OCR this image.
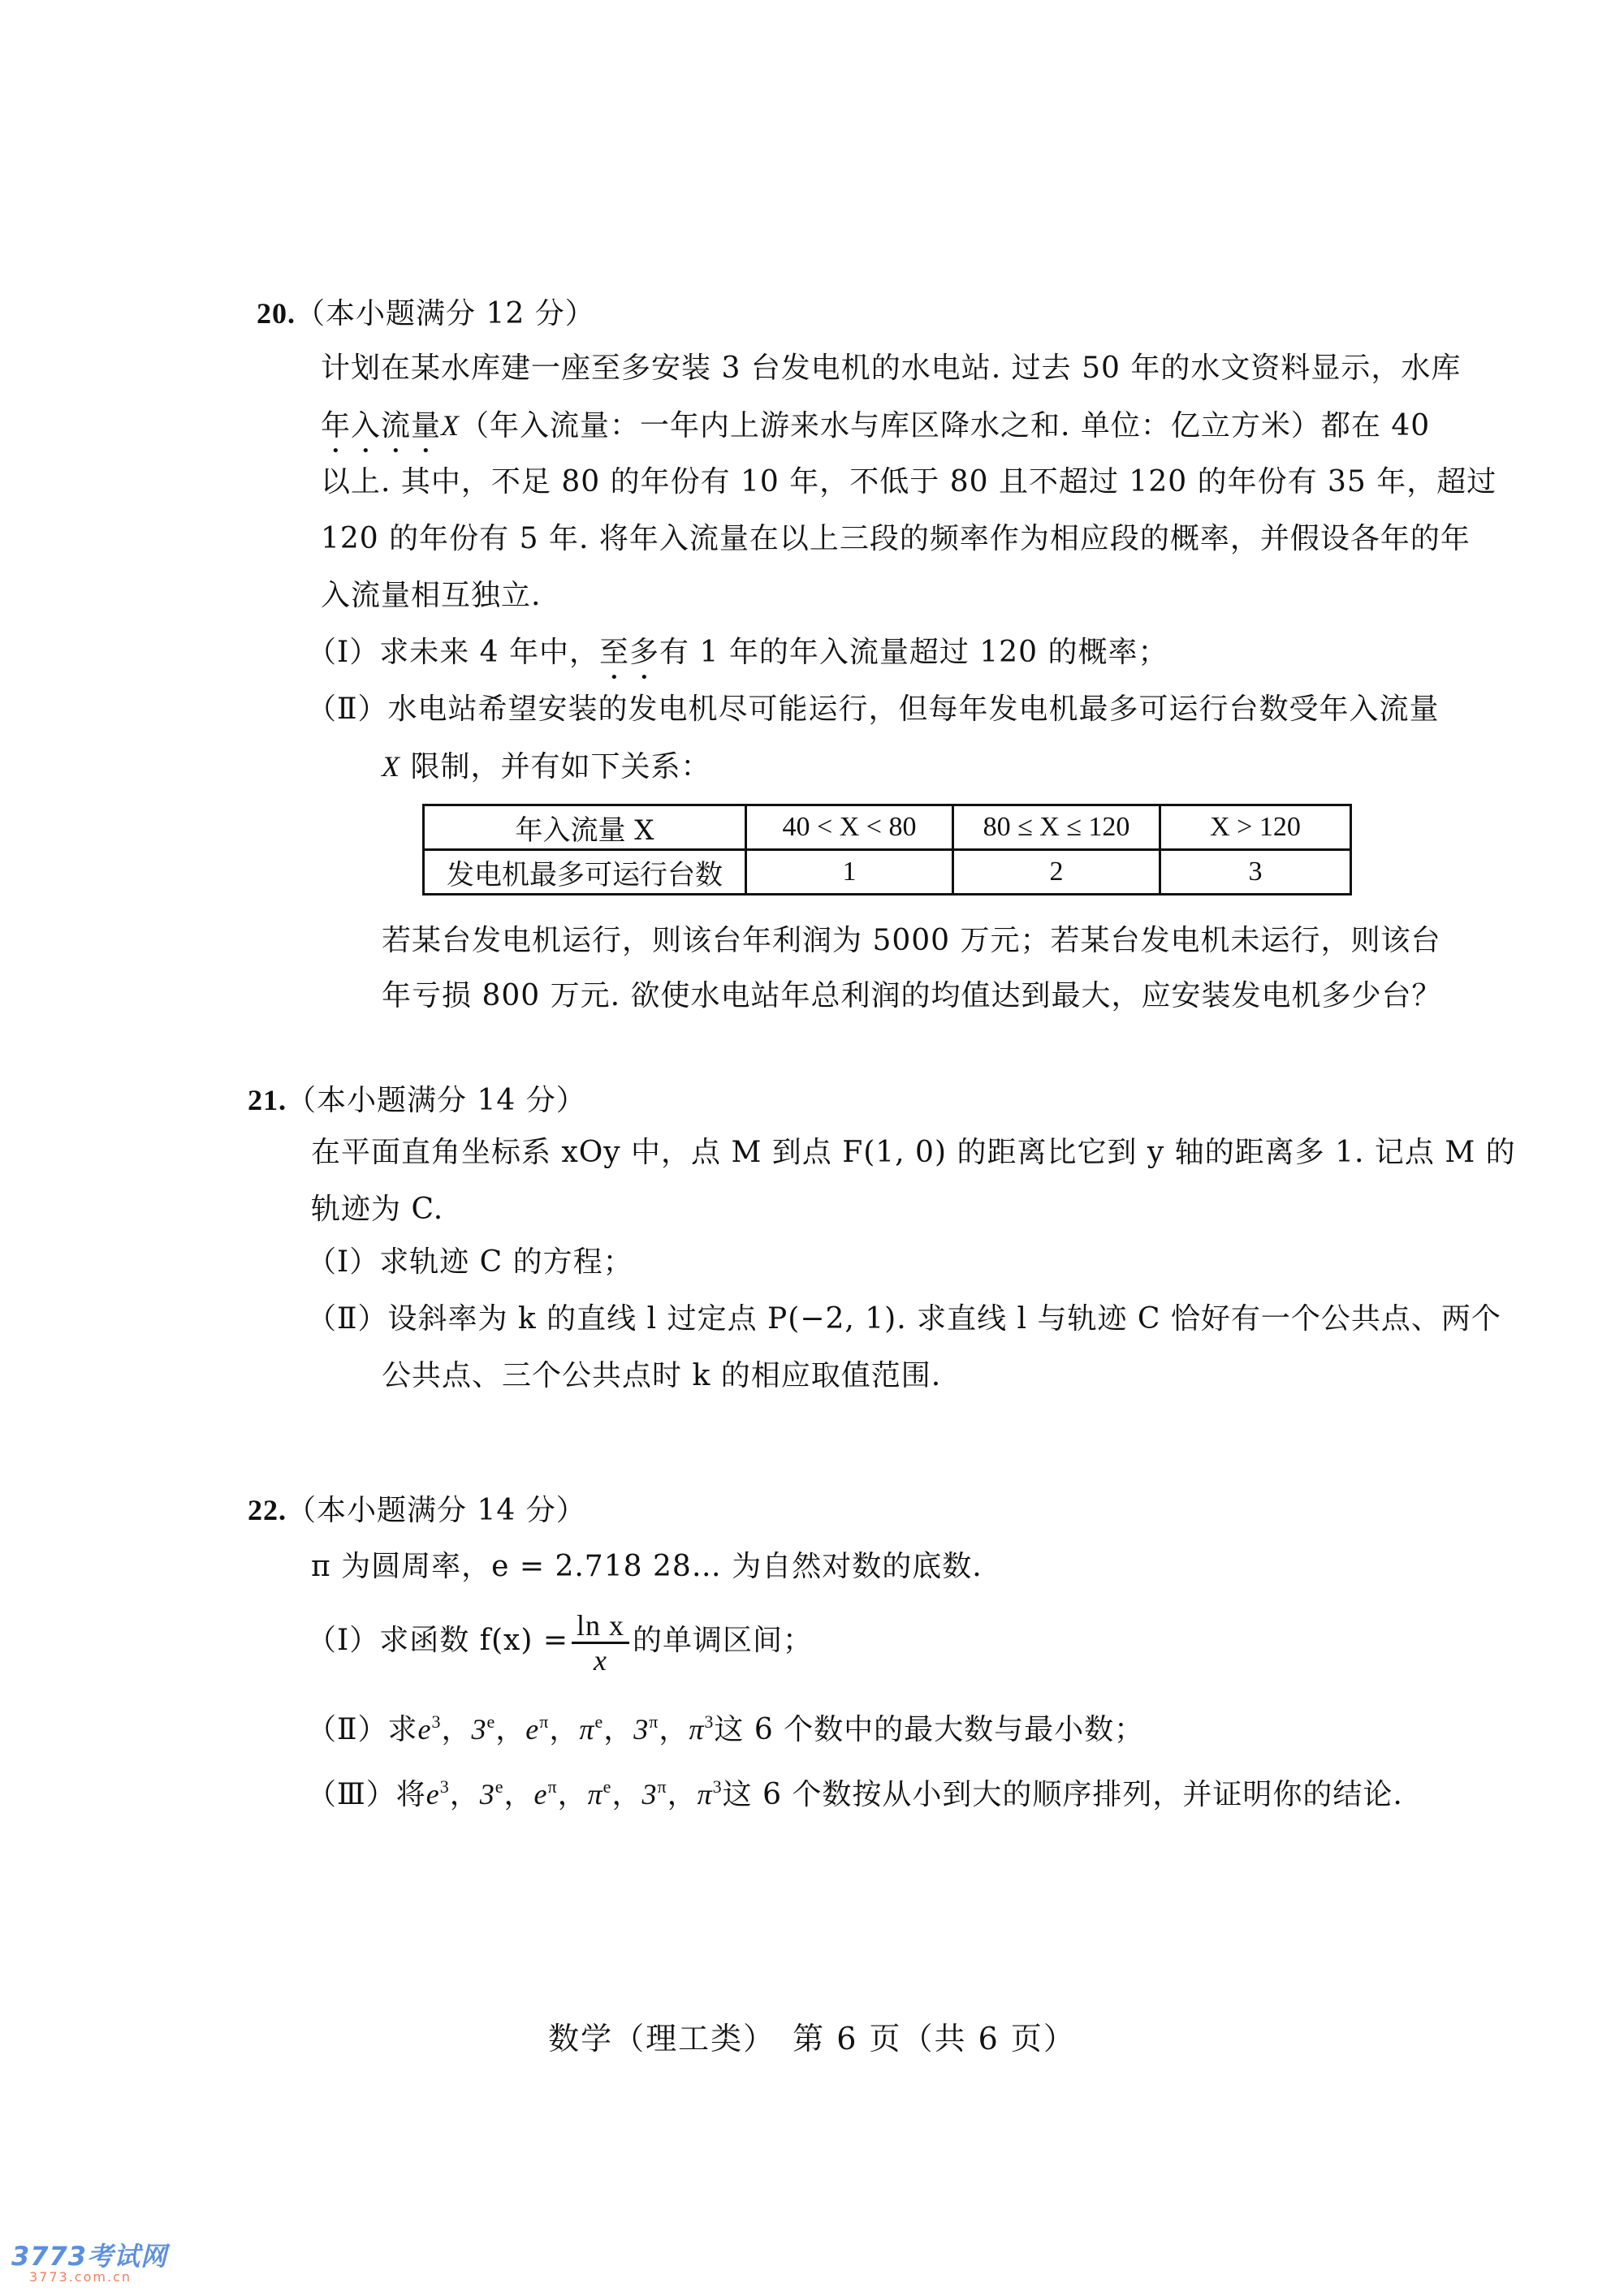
20.（本小题满分 12 分）
计划在某水库建一座至多安装 3 台发电机的水电站. 过去 50 年的水文资料显示，水库
年入流量X（年入流量：一年内上游来水与库区降水之和. 单位：亿立方米）都在 40
以上. 其中，不足 80 的年份有 10 年，不低于 80 且不超过 120 的年份有 35 年，超过
120 的年份有 5 年. 将年入流量在以上三段的频率作为相应段的概率，并假设各年的年
入流量相互独立.
（Ⅰ）求未来 4 年中，至多有 1 年的年入流量超过 120 的概率；
（Ⅱ）水电站希望安装的发电机尽可能运行，但每年发电机最多可运行台数受年入流量
X 限制，并有如下关系：
年入流量 X	40 < X < 80	80 ≤ X ≤ 120	X > 120
发电机最多可运行台数	1	2	3
若某台发电机运行，则该台年利润为 5000 万元；若某台发电机未运行，则该台
年亏损 800 万元. 欲使水电站年总利润的均值达到最大，应安装发电机多少台？
21.（本小题满分 14 分）
在平面直角坐标系 xOy 中，点 M 到点 F(1, 0) 的距离比它到 y 轴的距离多 1. 记点 M 的
轨迹为 C.
（Ⅰ）求轨迹 C 的方程；
（Ⅱ）设斜率为 k 的直线 l 过定点 P(−2, 1). 求直线 l 与轨迹 C 恰好有一个公共点、两个
公共点、三个公共点时 k 的相应取值范围.
22.（本小题满分 14 分）
π 为圆周率，e = 2.718 28… 为自然对数的底数.
（Ⅰ）求函数 $f(x) = \frac{\text{ln x}}{x}$ 的单调区间；
（Ⅱ）求$e^3$，3e，$e^\pi$，$\pi^e$，$3^\pi$，$\pi^3$这 6 个数中的最大数与最小数；
（Ⅲ）将$e^3$，3e，$e^\pi$，$\pi^e$，$3^\pi$，$\pi^3$这 6 个数按从小到大的顺序排列，并证明你的结论.
数学（理工类）　第 6 页（共 6 页）
3773考试网
3773.com.cn
